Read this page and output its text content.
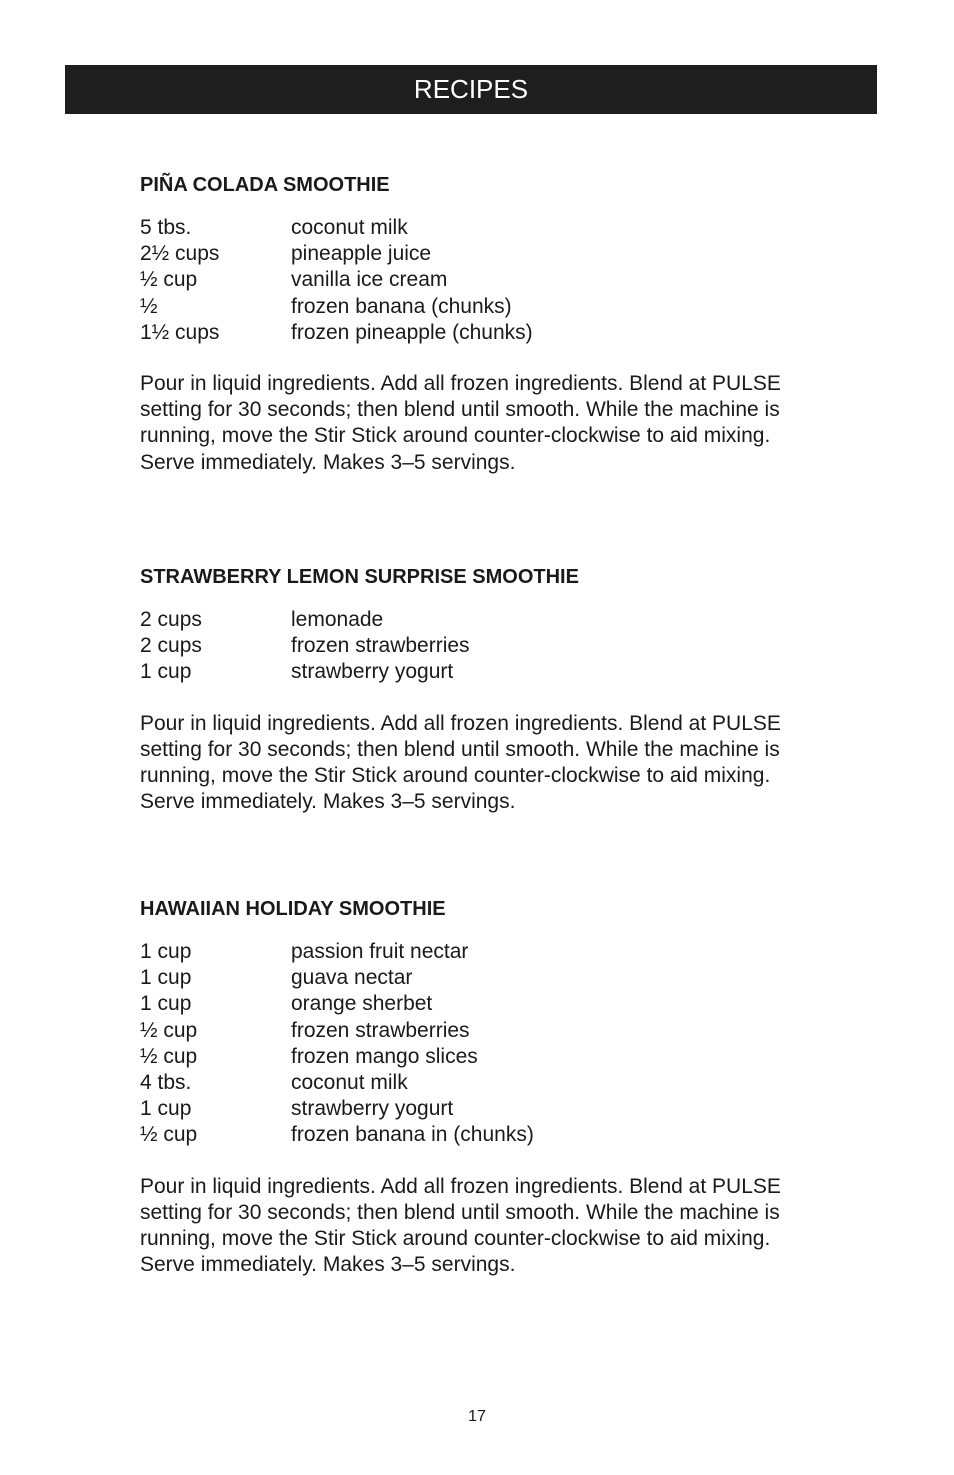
RECIPES
PIÑA COLADA SMOOTHIE
5 tbs.	coconut milk
2½ cups	pineapple juice
½ cup	vanilla ice cream
½	frozen banana (chunks)
1½ cups	frozen pineapple (chunks)

Pour in liquid ingredients. Add all frozen ingredients. Blend at PULSE setting for 30 seconds; then blend until smooth. While the machine is running, move the Stir Stick around counter-clockwise to aid mixing. Serve immediately. Makes 3–5 servings.

STRAWBERRY LEMON SURPRISE SMOOTHIE
2 cups	lemonade
2 cups	frozen strawberries
1 cup	strawberry yogurt

Pour in liquid ingredients. Add all frozen ingredients. Blend at PULSE setting for 30 seconds; then blend until smooth. While the machine is running, move the Stir Stick around counter-clockwise to aid mixing. Serve immediately. Makes 3–5 servings.

HAWAIIAN HOLIDAY SMOOTHIE
1 cup	passion fruit nectar
1 cup	guava nectar
1 cup	orange sherbet
½ cup	frozen strawberries
½ cup	frozen mango slices
4 tbs.	coconut milk
1 cup	strawberry yogurt
½ cup	frozen banana in (chunks)

Pour in liquid ingredients. Add all frozen ingredients. Blend at PULSE setting for 30 seconds; then blend until smooth. While the machine is running, move the Stir Stick around counter-clockwise to aid mixing. Serve immediately. Makes 3–5 servings.

17
